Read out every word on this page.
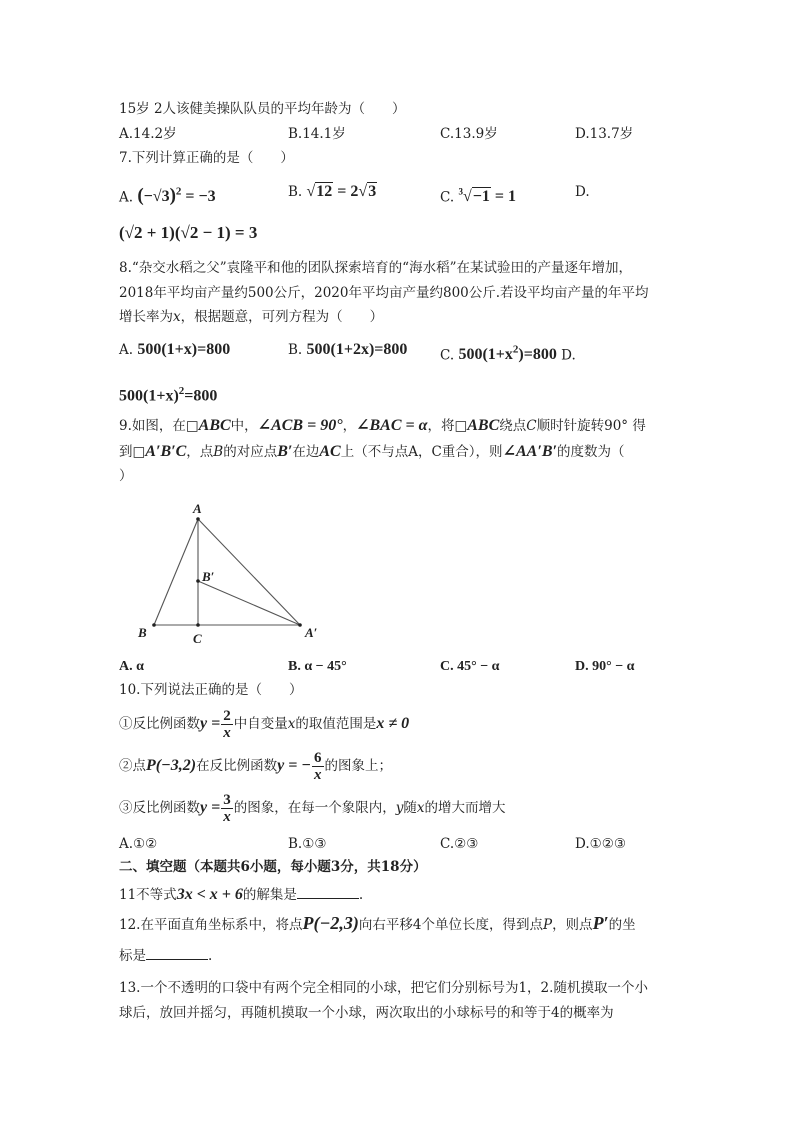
15岁 2人该健美操队队员的平均年龄为（　　）
A.14.2岁	B.14.1岁	C.13.9岁	D.13.7岁
7.下列计算正确的是（　　）
A. $(-√3)^2 = -3$	B. √12 = 2√3	C. $^3$√−1 = 1	D.
(√2 + 1)(√2 − 1) = 3
8.“杂交水稻之父”袁隆平和他的团队探索培育的“海水稻”在某试验田的产量逐年增加，
2018年平均亩产量约500公斤，2020年平均亩产量约800公斤.若设平均亩产量的年平均
增长率为x，根据题意，可列方程为（　　）
A. 500(1+x)=800	B. 500(1+2x)=800 C. $500(1+x^2)=800$ D.
$500(1+x)^2=800$
9.如图，在□ABC中，∠ACB = 90°，∠BAC = α，将□ABC绕点C顺时针旋转90° 得
到□A′B′C，点B的对应点B′在边AC上（不与点A，C重合），则∠AA′B′的度数为（
）
A
B′
B	C	A′
A. α	B. α − 45°	C. 45° − α	D. 90° − α
10.下列说法正确的是（　　）
①反比例函数$y = \frac{2}{x}$ 中自变量x的取值范围是x ≠ 0
②点P(−3,2)在反比例函数y = − $\frac{6}{x}$ 的图象上；
③反比例函数$y = \frac{3}{x}$ 的图象，在每一个象限内，y随x的增大而增大
A.①②	B.①③	C.②③	D.①②③
二、填空题（本题共6小题，每小题3分，共18分）
11不等式3x < x + 6的解集是	.
12.在平面直角坐标系中，将点P(−2,3)向右平移4个单位长度，得到点P，则点P′的坐
标是	.
13.一个不透明的口袋中有两个完全相同的小球，把它们分别标号为1，2.随机摸取一个小
球后，放回并摇匀，再随机摸取一个小球，两次取出的小球标号的和等于4的概率为
